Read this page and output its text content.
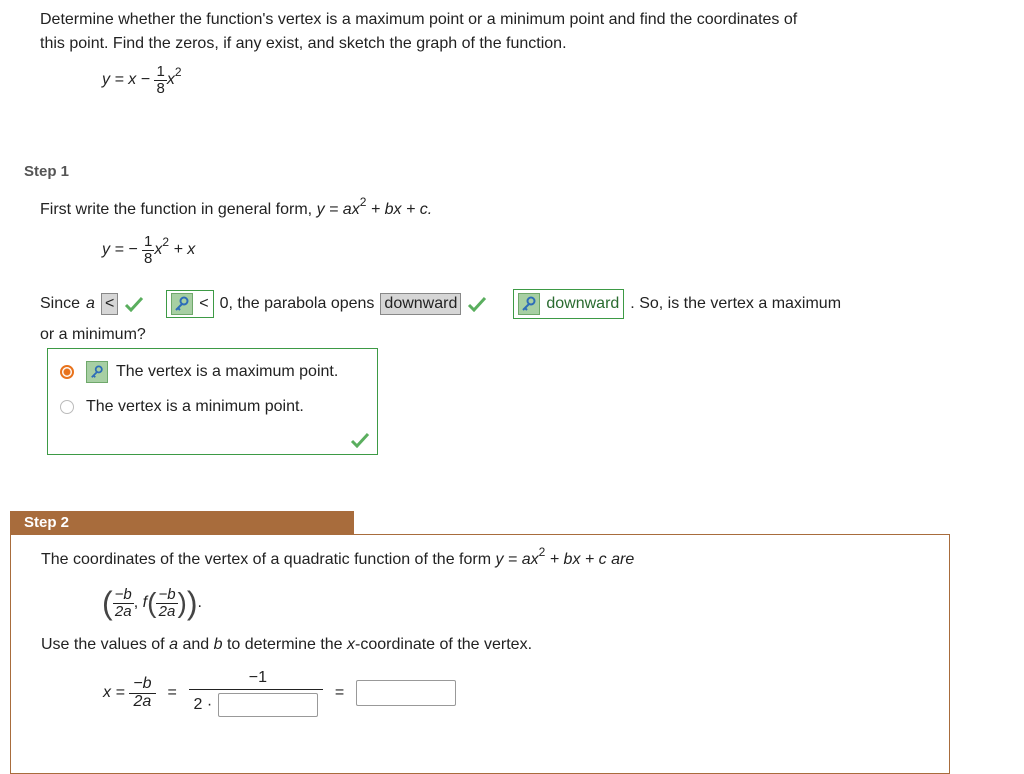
Determine whether the function's vertex is a maximum point or a minimum point and find the coordinates of
this point. Find the zeros, if any exist, and sketch the graph of the function.
y = x −
$\frac{1}{8}$ x 2
Step 1
First write the function in general form, $y = ax^2$ + bx + c.
y = −
$\frac{1}{8}$ x 2
+ x
Since a <	< 0, the parabola opens downward	downward . So, is the vertex a maximum
or a minimum?
The vertex is a maximum point.
The vertex is a minimum point.
Step 2
The coordinates of the vertex of a quadratic function of the form $y = ax^2$ + bx + c are
( $\frac{-b}{2a}$ , f ( $\frac{-b}{2a}$ ) ) .
Use the values of a and b to determine the x-coordinate of the vertex.
x =
$\frac{-b}{2a} = \frac{-1}{2 \cdot}$ =
